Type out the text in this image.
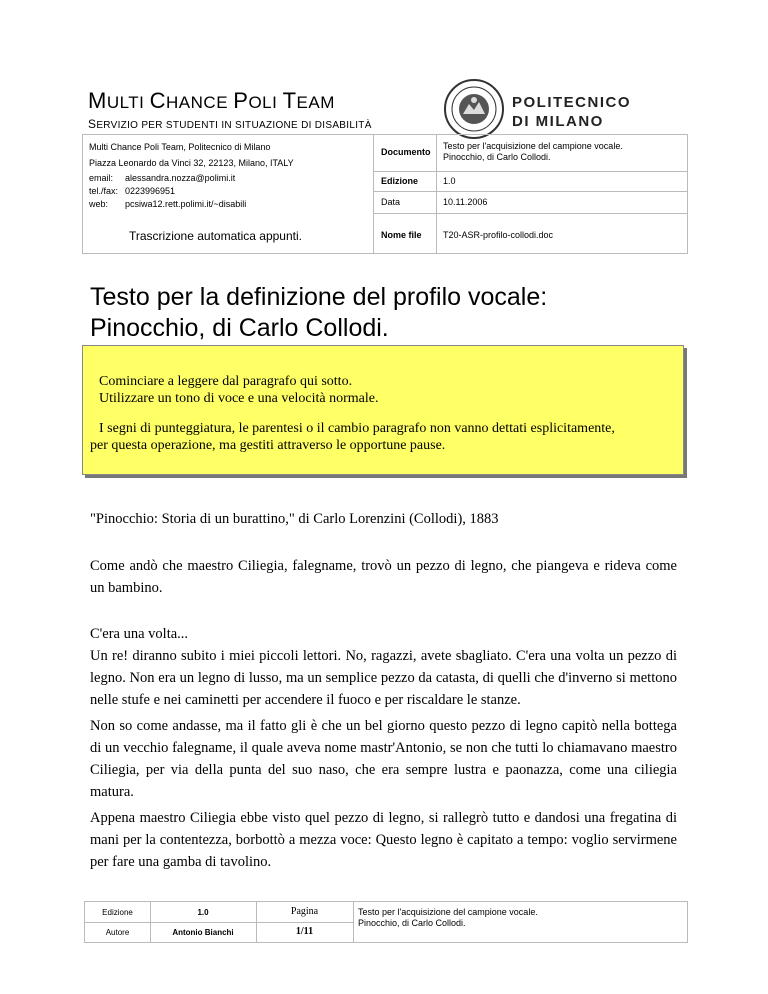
MULTI CHANCE POLI TEAM
SERVIZIO PER STUDENTI IN SITUAZIONE DI DISABILITÀ
POLITECNICO
DI MILANO
Multi Chance Poli Team, Politecnico di Milano
Piazza Leonardo da Vinci 32, 22123, Milano, ITALY
email: alessandra.nozza@polimi.it
tel./fax: 0223996951
web: pcsiwa12.rett.polimi.it/~disabili
Trascrizione automatica appunti.
Documento
Testo per l'acquisizione del campione vocale.
Pinocchio, di Carlo Collodi.
Edizione	1.0
Data	10.11.2006
Nome file T20-ASR-profilo-collodi.doc
Testo per la definizione del profilo vocale:
Pinocchio, di Carlo Collodi.

Cominciare a leggere dal paragrafo qui sotto.

Utilizzare un tono di voce e una velocità normale.

I segni di punteggiatura, le parentesi o il cambio paragrafo non vanno dettati esplicitamente,

per questa operazione, ma gestiti attraverso le opportune pause.

"Pinocchio: Storia di un burattino," di Carlo Lorenzini (Collodi), 1883

Come andò che maestro Ciliegia, falegname, trovò un pezzo di legno, che piangeva e rideva come un bambino.

C'era una volta...

Un re! diranno subito i miei piccoli lettori. No, ragazzi, avete sbagliato. C'era una volta un pezzo di legno. Non era un legno di lusso, ma un semplice pezzo da catasta, di quelli che d'inverno si mettono nelle stufe e nei caminetti per accendere il fuoco e per riscaldare le stanze.

Non so come andasse, ma il fatto gli è che un bel giorno questo pezzo di legno capitò nella bottega di un vecchio falegname, il quale aveva nome mastr'Antonio, se non che tutti lo chiamavano maestro Ciliegia, per via della punta del suo naso, che era sempre lustra e paonazza, come una ciliegia matura.

Appena maestro Ciliegia ebbe visto quel pezzo di legno, si rallegrò tutto e dandosi una fregatina di mani per la contentezza, borbottò a mezza voce: Questo legno è capitato a tempo: voglio servirmene per fare una gamba di tavolino.

Edizione	1.0	Pagina
Autore	Antonio Bianchi	1/11
Testo per l'acquisizione del campione vocale.
Pinocchio, di Carlo Collodi.
